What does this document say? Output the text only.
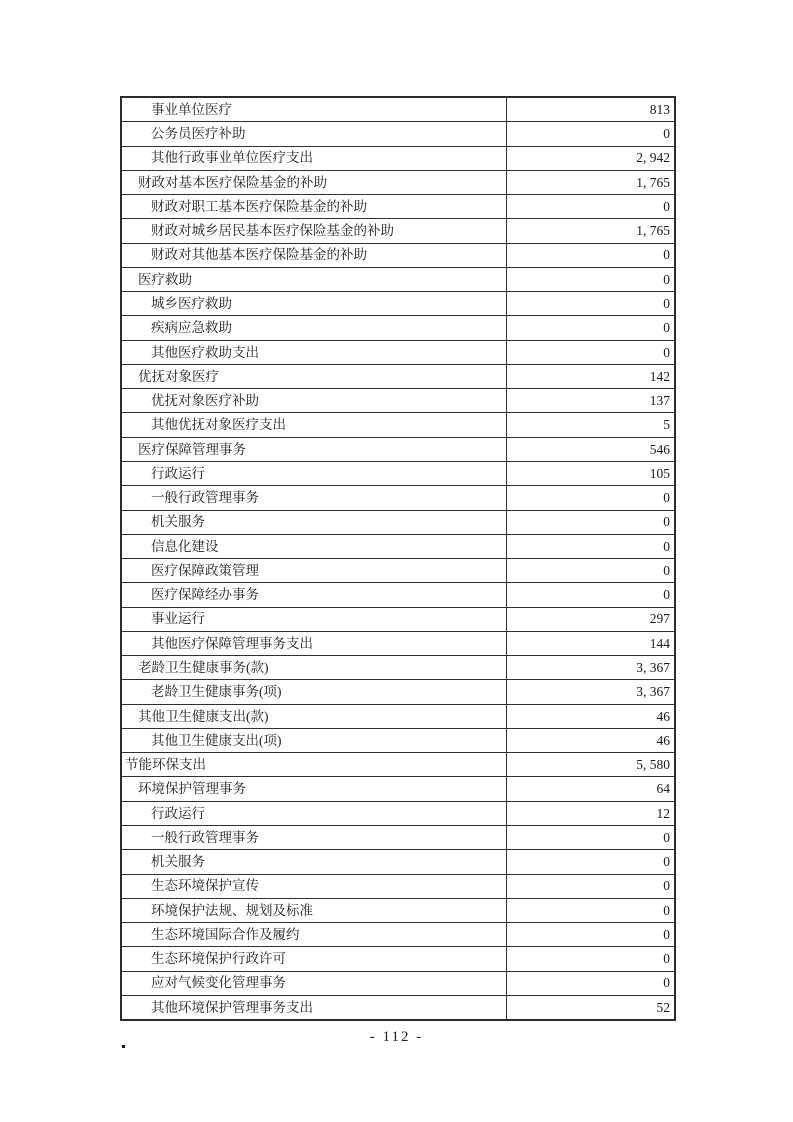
事业单位医疗	813
公务员医疗补助	0
其他行政事业单位医疗支出	2, 942
财政对基本医疗保险基金的补助	1, 765
财政对职工基本医疗保险基金的补助	0
财政对城乡居民基本医疗保险基金的补助	1, 765
财政对其他基本医疗保险基金的补助	0
医疗救助	0
城乡医疗救助	0
疾病应急救助	0
其他医疗救助支出	0
优抚对象医疗	142
优抚对象医疗补助	137
其他优抚对象医疗支出	5
医疗保障管理事务	546
行政运行	105
一般行政管理事务	0
机关服务	0
信息化建设	0
医疗保障政策管理	0
医疗保障经办事务	0
事业运行	297
其他医疗保障管理事务支出	144
老龄卫生健康事务(款)	3, 367
老龄卫生健康事务(项)	3, 367
其他卫生健康支出(款)	46
其他卫生健康支出(项)	46
节能环保支出	5, 580
环境保护管理事务	64
行政运行	12
一般行政管理事务	0
机关服务	0
生态环境保护宣传	0
环境保护法规、规划及标准	0
生态环境国际合作及履约	0
生态环境保护行政许可	0
应对气候变化管理事务	0
其他环境保护管理事务支出	52
- 112 -
